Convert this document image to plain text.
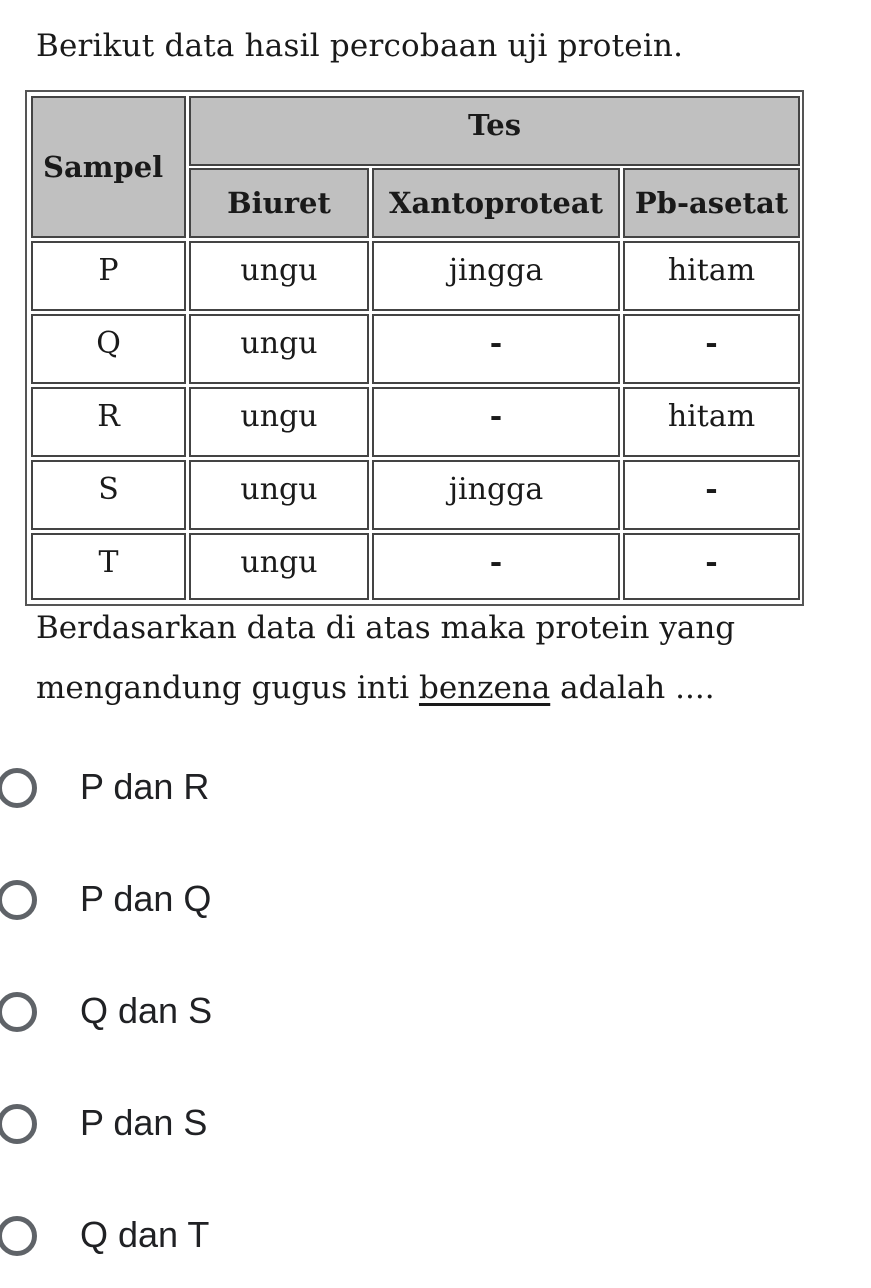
Berikut data hasil percobaan uji protein.
Sampel
Tes
Biuret	Xantoproteat	Pb-asetat
P	ungu	jingga	hitam
Q	ungu	-	-
R	ungu	-	hitam
S	ungu	jingga	-
T	ungu	-	-
Berdasarkan data di atas maka protein yang
mengandung gugus inti benzena adalah ....
P dan R
P dan Q
Q dan S
P dan S
Q dan T
